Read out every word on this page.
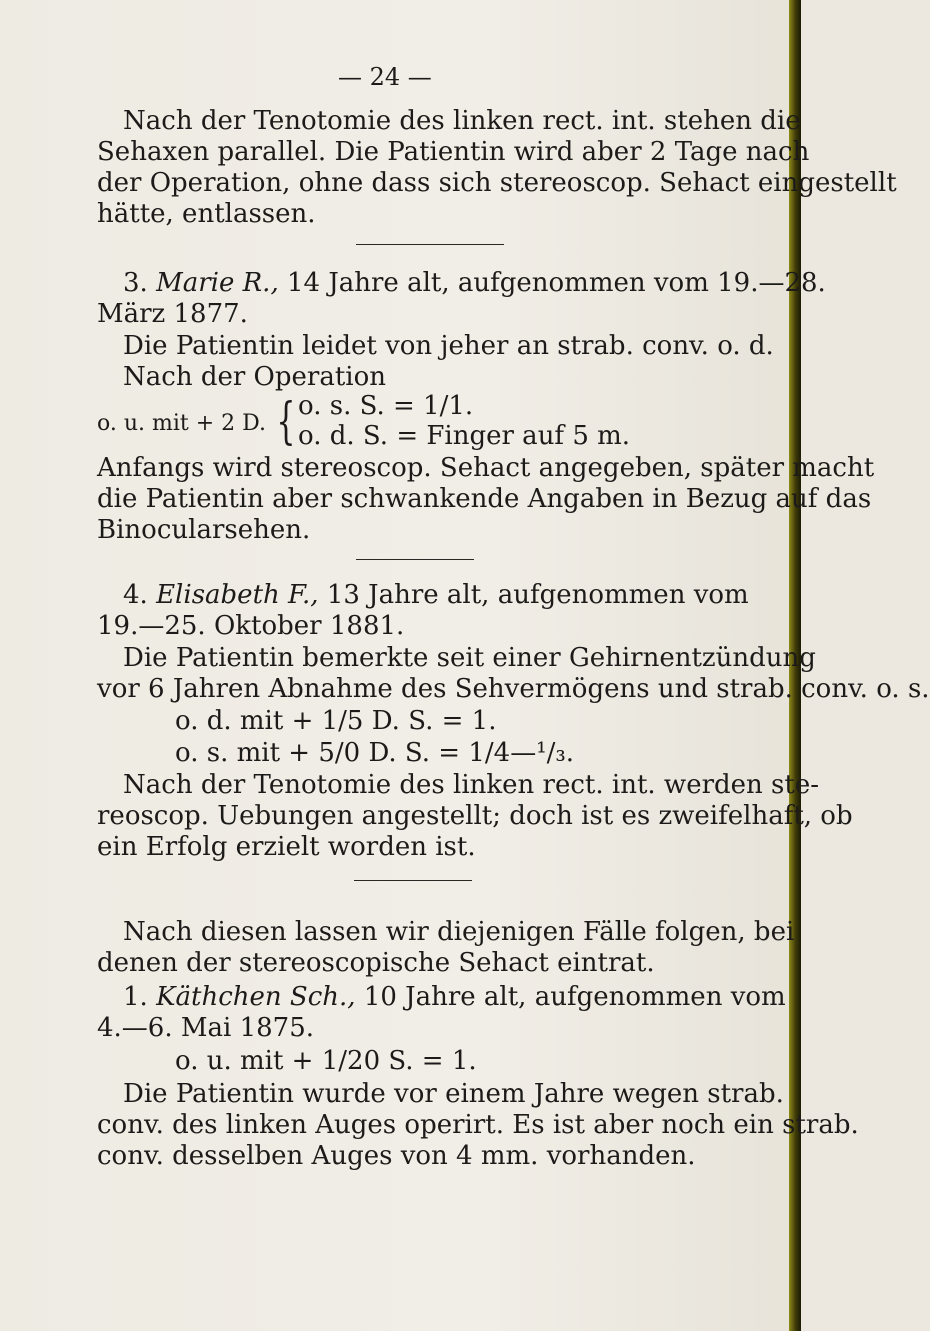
— 24 —
Nach der Tenotomie des linken rect. int. stehen die
Sehaxen parallel. Die Patientin wird aber 2 Tage nach
der Operation, ohne dass sich stereoscop. Sehact eingestellt
hätte, entlassen.
3. Marie R., 14 Jahre alt, aufgenommen vom 19.—28.
März 1877.
Die Patientin leidet von jeher an strab. conv. o. d.
Nach der Operation
o. u. mit + 2 D. { o. s. S. = 1/1.
o. d. S. = Finger auf 5 m.
Anfangs wird stereoscop. Sehact angegeben, später macht
die Patientin aber schwankende Angaben in Bezug auf das
Binocularsehen.
4. Elisabeth F., 13 Jahre alt, aufgenommen vom
19.—25. Oktober 1881.
Die Patientin bemerkte seit einer Gehirnentzündung
vor 6 Jahren Abnahme des Sehvermögens und strab. conv. o. s.
o. d. mit + 1/5 D. S. = 1.
o. s. mit + 5/0 D. S. = 1/4—¹/₃.
Nach der Tenotomie des linken rect. int. werden ste-
reoscop. Uebungen angestellt; doch ist es zweifelhaft, ob
ein Erfolg erzielt worden ist.
Nach diesen lassen wir diejenigen Fälle folgen, bei
denen der stereoscopische Sehact eintrat.
1. Käthchen Sch., 10 Jahre alt, aufgenommen vom
4.—6. Mai 1875.
o. u. mit + 1/20 S. = 1.
Die Patientin wurde vor einem Jahre wegen strab.
conv. des linken Auges operirt. Es ist aber noch ein strab.
conv. desselben Auges von 4 mm. vorhanden.
